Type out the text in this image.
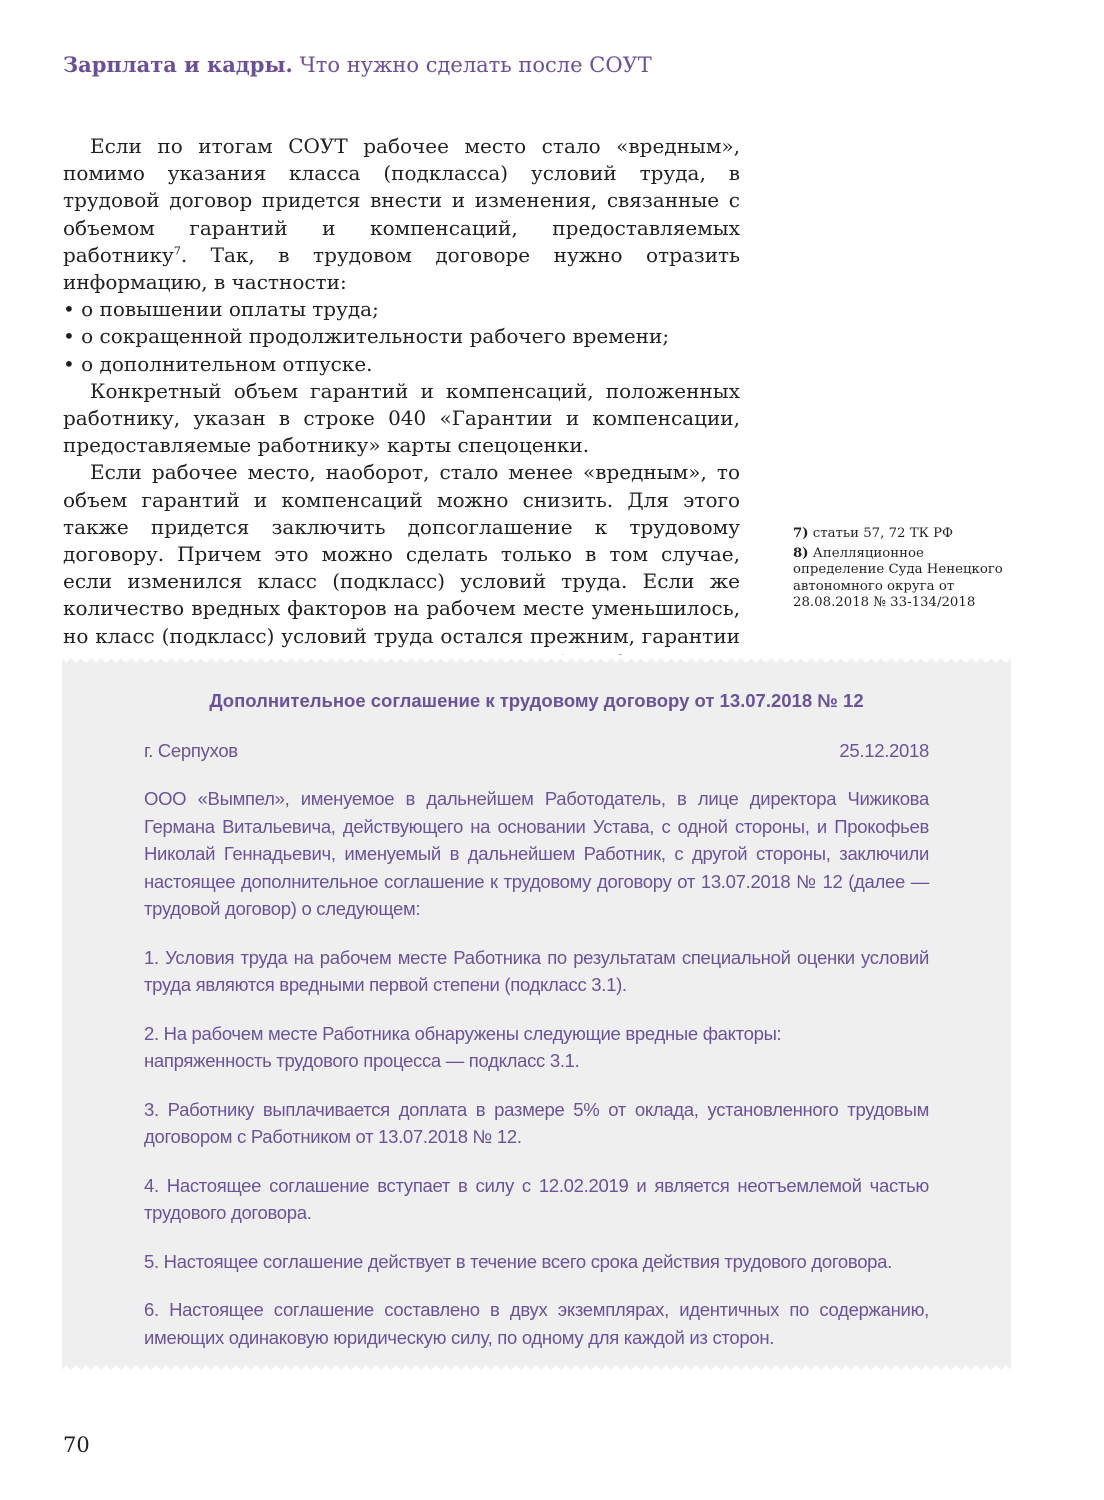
Зарплата и кадры. Что нужно сделать после СОУТ

Если по итогам СОУТ рабочее место стало «вредным», помимо указания класса (подкласса) условий труда, в трудовой договор придется внести и изменения, связанные с объемом гарантий и компенсаций, предоставляемых работнику$^7$. Так, в трудовом договоре нужно отразить информацию, в частности:

• о повышении оплаты труда;
• о сокращенной продолжительности рабочего времени;
• о дополнительном отпуске.

Конкретный объем гарантий и компенсаций, положенных работнику, указан в строке 040 «Гарантии и компенсации, предоставляемые работнику» карты спецоценки.

Если рабочее место, наоборот, стало менее «вредным», то объем гарантий и компенсаций можно снизить. Для этого также придется заключить допсоглашение к трудовому договору. Причем это можно сделать только в том случае, если изменился класс (подкласс) условий труда. Если же количество вредных факторов на рабочем месте уменьшилось, но класс (подкласс) условий труда остался прежним, гарантии

7) статьи 57, 72 ТК РФ

8) Апелляционное определение Суда Ненецкого автономного округа от 28.08.2018 № 33-134/2018

Дополнительное соглашение к трудовому договору от 13.07.2018 № 12
г. Серпухов	25.12.2018

ООО «Вымпел», именуемое в дальнейшем Работодатель, в лице директора Чижикова Германа Витальевича, действующего на основании Устава, с одной стороны, и Прокофьев Николай Геннадьевич, именуемый в дальнейшем Работник, с другой стороны, заключили настоящее дополнительное соглашение к трудовому договору от 13.07.2018 № 12 (далее — трудовой договор) о следующем:

1. Условия труда на рабочем месте Работника по результатам специальной оценки условий труда являются вредными первой степени (подкласс 3.1).

2. На рабочем месте Работника обнаружены следующие вредные факторы:
напряженность трудового процесса — подкласс 3.1.

3. Работнику выплачивается доплата в размере 5% от оклада, установленного трудовым договором с Работником от 13.07.2018 № 12.

4. Настоящее соглашение вступает в силу с 12.02.2019 и является неотъемлемой частью трудового договора.

5. Настоящее соглашение действует в течение всего срока действия трудового договора.

6. Настоящее соглашение составлено в двух экземплярах, идентичных по содержанию, имеющих одинаковую юридическую силу, по одному для каждой из сторон.

70
